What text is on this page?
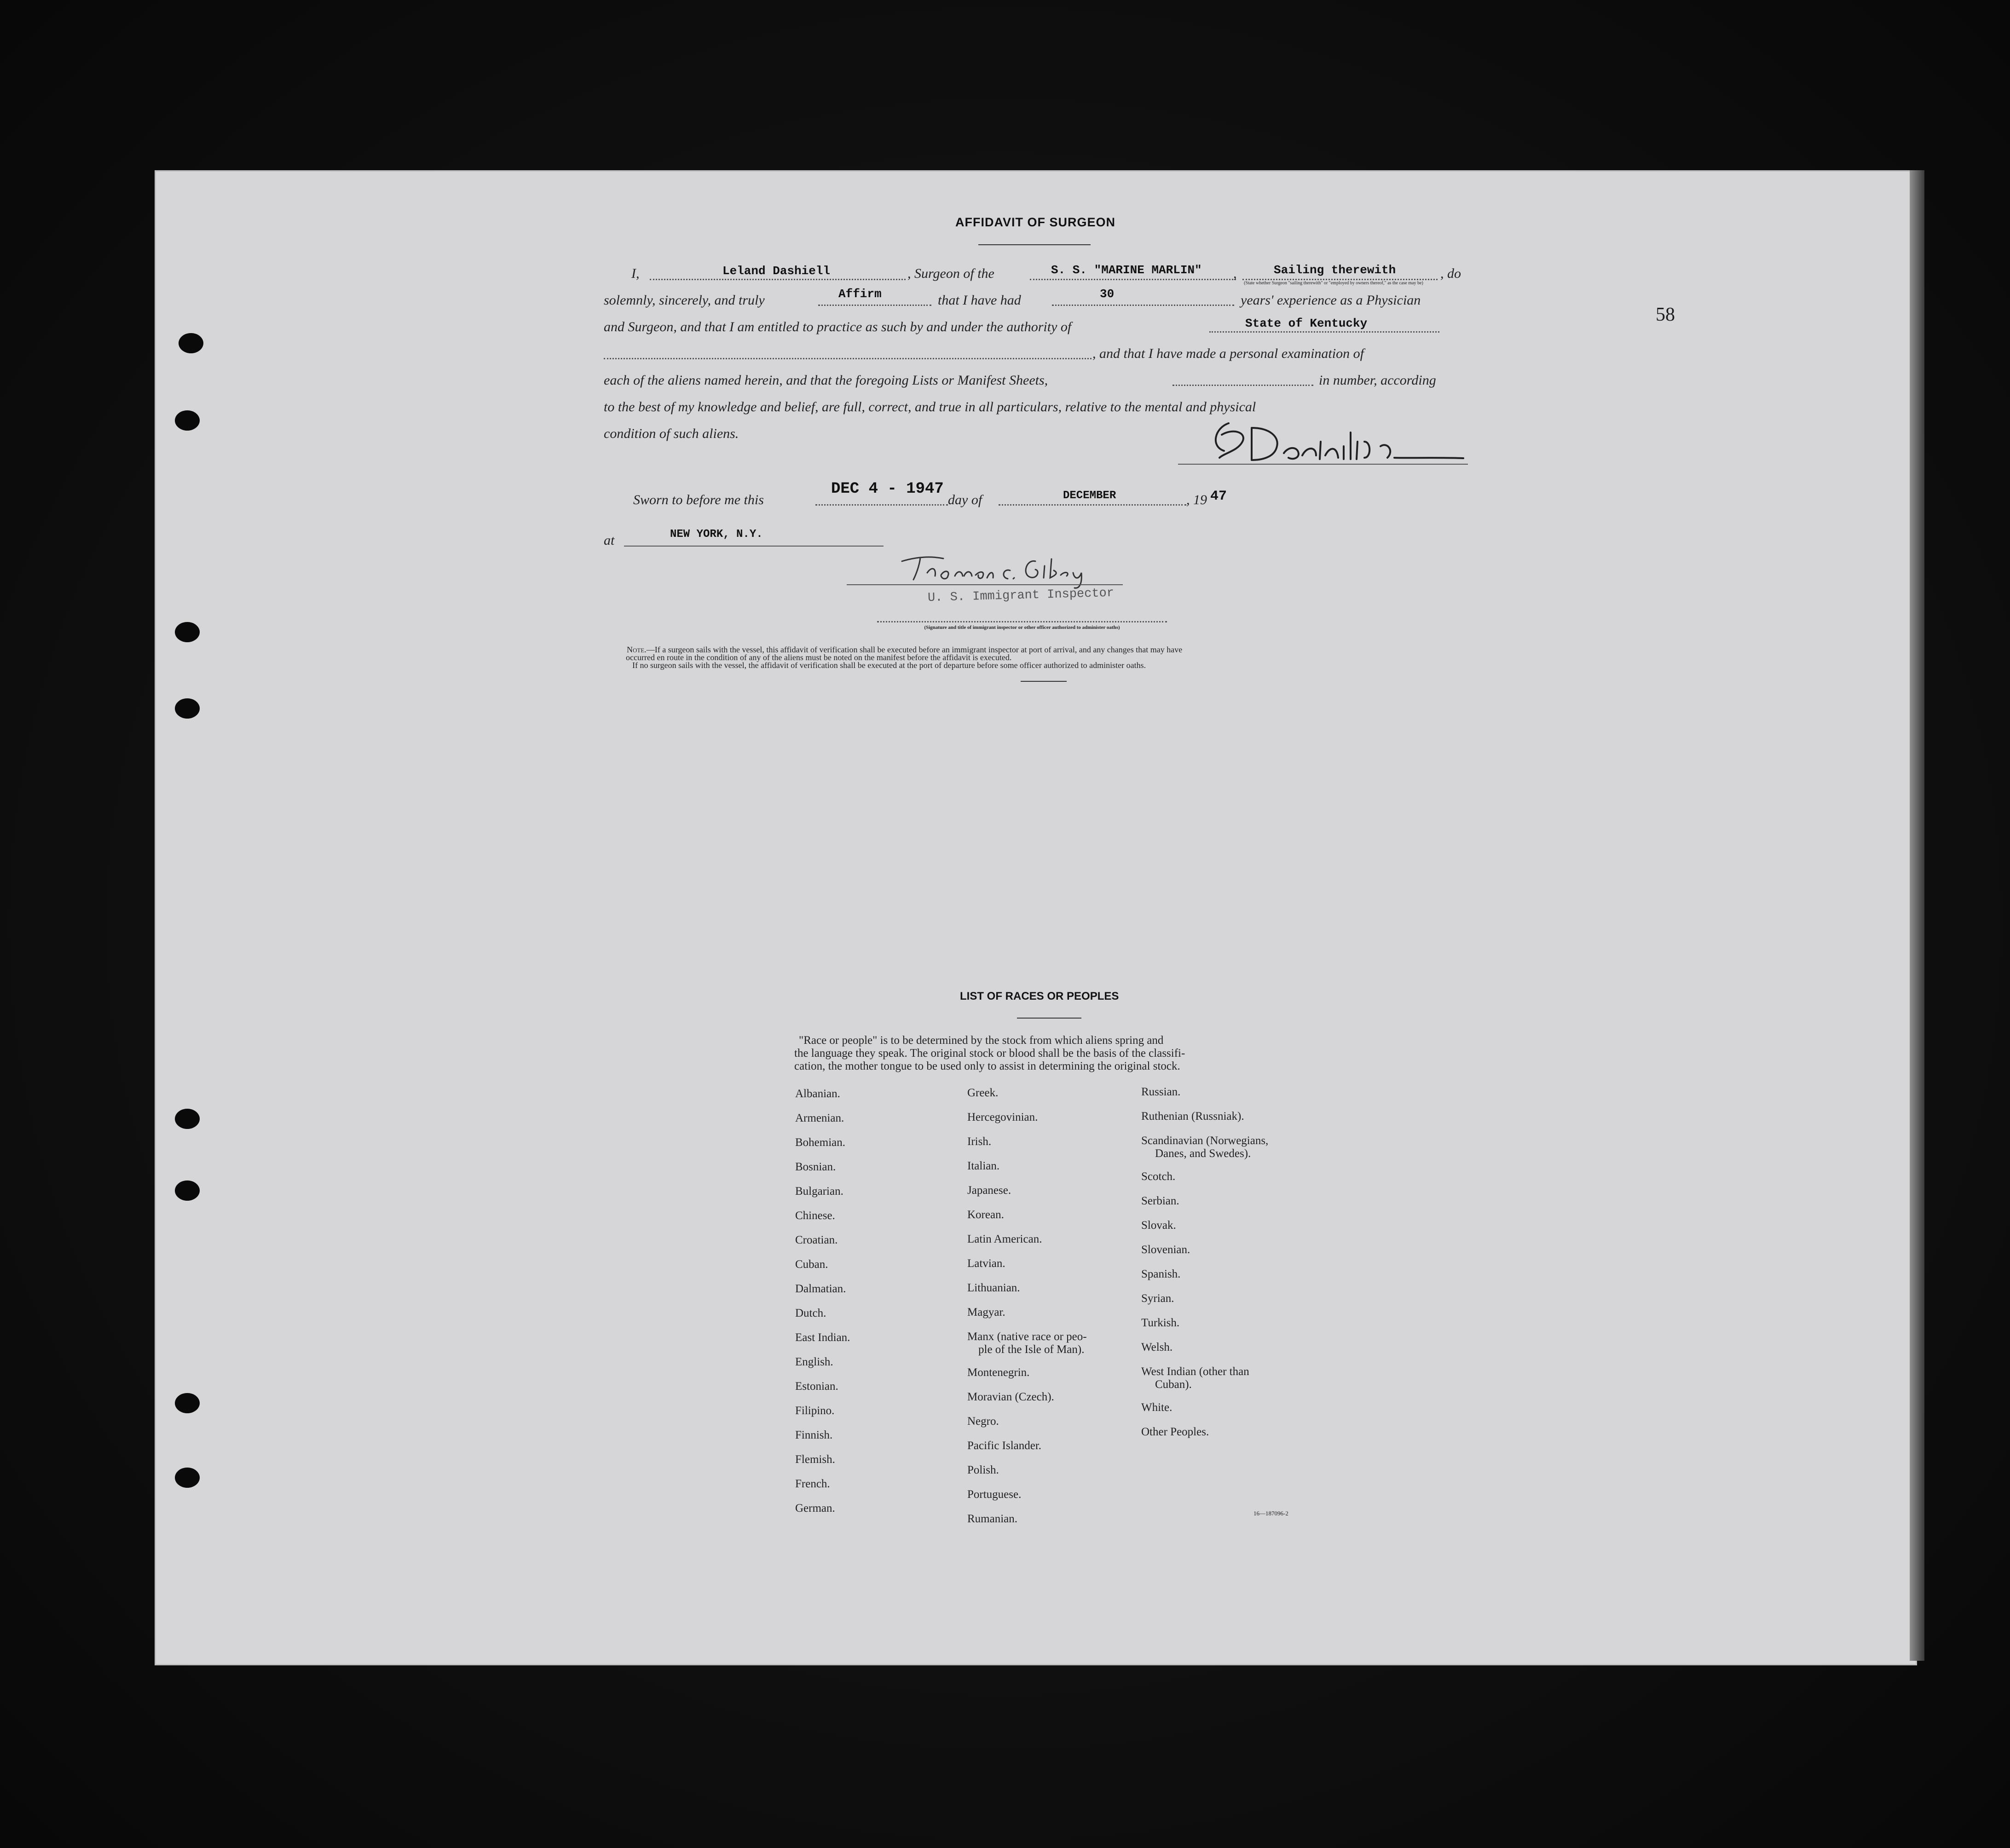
58
AFFIDAVIT OF SURGEON
I,	Leland Dashiell	, Surgeon of the	S. S. "MARINE MARLIN" ,	Sailing therewith
(State whether Surgeon "sailing therewith" or "employed by owners thereof," as the case may be)
, do
solemnly, sincerely, and truly	Affirm	that I have had	30	years' experience as a Physician
and Surgeon, and that I am entitled to practice as such by and under the authority of	State of Kentucky
, and that I have made a personal examination of
each of the aliens named herein, and that the foregoing Lists or Manifest Sheets,	in number, according
to the best of my knowledge and belief, are full, correct, and true in all particulars, relative to the mental and physical
condition of such aliens.
Sworn to before me this
DEC 4 - 1947
day of	DECEMBER	, 19 47
at	NEW YORK, N.Y.
U. S. Immigrant Inspector
(Signature and title of immigrant inspector or other officer authorized to administer oaths)
Note.—If a surgeon sails with the vessel, this affidavit of verification shall be executed before an immigrant inspector at port of arrival, and any changes that may have
occurred en route in the condition of any of the aliens must be noted on the manifest before the affidavit is executed.
If no surgeon sails with the vessel, the affidavit of verification shall be executed at the port of departure before some officer authorized to administer oaths.
LIST OF RACES OR PEOPLES
"Race or people" is to be determined by the stock from which aliens spring and
the language they speak. The original stock or blood shall be the basis of the classifi-
cation, the mother tongue to be used only to assist in determining the original stock.

Albanian.

Armenian.

Bohemian.

Bosnian.

Bulgarian.

Chinese.

Croatian.

Cuban.

Dalmatian.

Dutch.

East Indian.

English.

Estonian.

Filipino.

Finnish.

Flemish.

French.

German.

Greek.

Hercegovinian.

Irish.

Italian.

Japanese.

Korean.

Latin American.

Latvian.

Lithuanian.

Magyar.

Manx (native race or peo-

ple of the Isle of Man).

Montenegrin.

Moravian (Czech).

Negro.

Pacific Islander.

Polish.

Portuguese.

Rumanian.

Russian.

Ruthenian (Russniak).

Scandinavian (Norwegians,

Danes, and Swedes).

Scotch.

Serbian.

Slovak.

Slovenian.

Spanish.

Syrian.

Turkish.

Welsh.

West Indian (other than

Cuban).

White.

Other Peoples.

16—187096-2
